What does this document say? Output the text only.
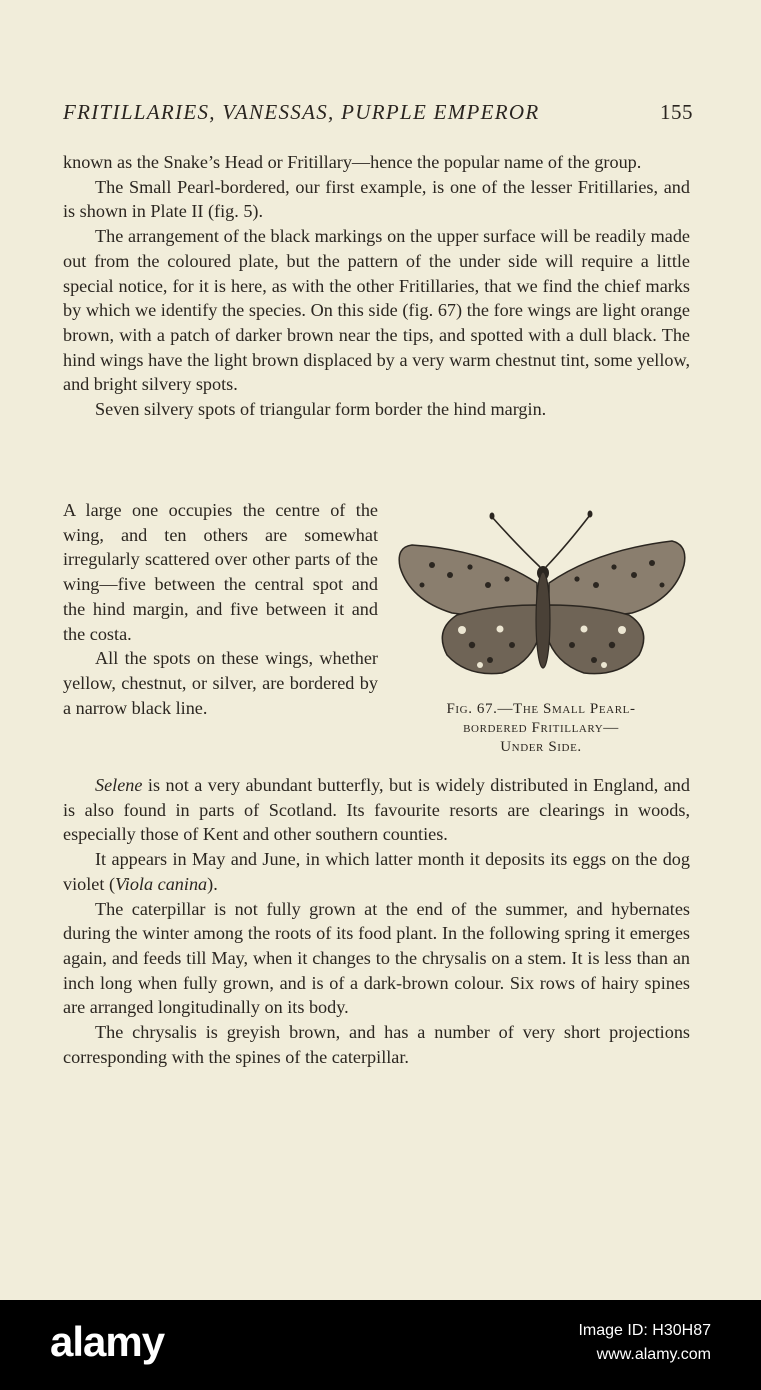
FRITILLARIES, VANESSAS, PURPLE EMPEROR	155

known as the Snake’s Head or Fritillary—hence the popular name of the group.

The Small Pearl-bordered, our first example, is one of the lesser Fritillaries, and is shown in Plate II (fig. 5).

The arrangement of the black markings on the upper surface will be readily made out from the coloured plate, but the pattern of the under side will require a little special notice, for it is here, as with the other Fritillaries, that we find the chief marks by which we identify the species. On this side (fig. 67) the fore wings are light orange brown, with a patch of darker brown near the tips, and spotted with a dull black. The hind wings have the light brown displaced by a very warm chestnut tint, some yellow, and bright silvery spots.

Seven silvery spots of triangular form border the hind margin.

A large one occupies the centre of the wing, and ten others are somewhat irregularly scattered over other parts of the wing—five between the central spot and the hind margin, and five between it and the costa.

All the spots on these wings, whether yellow, chestnut, or silver, are bordered by a narrow black line.	Fig. 67.—The Small Pearl-
bordered Fritillary—
Under Side.

Selene is not a very abundant butterfly, but is widely distributed in England, and is also found in parts of Scotland. Its favourite resorts are clearings in woods, especially those of Kent and other southern counties.

It appears in May and June, in which latter month it deposits its eggs on the dog violet (Viola canina).

The caterpillar is not fully grown at the end of the summer, and hybernates during the winter among the roots of its food plant. In the following spring it emerges again, and feeds till May, when it changes to the chrysalis on a stem. It is less than an inch long when fully grown, and is of a dark-brown colour. Six rows of hairy spines are arranged longitudinally on its body.

The chrysalis is greyish brown, and has a number of very short projections corresponding with the spines of the caterpillar.

alamy	Image ID: H30H87
www.alamy.com
